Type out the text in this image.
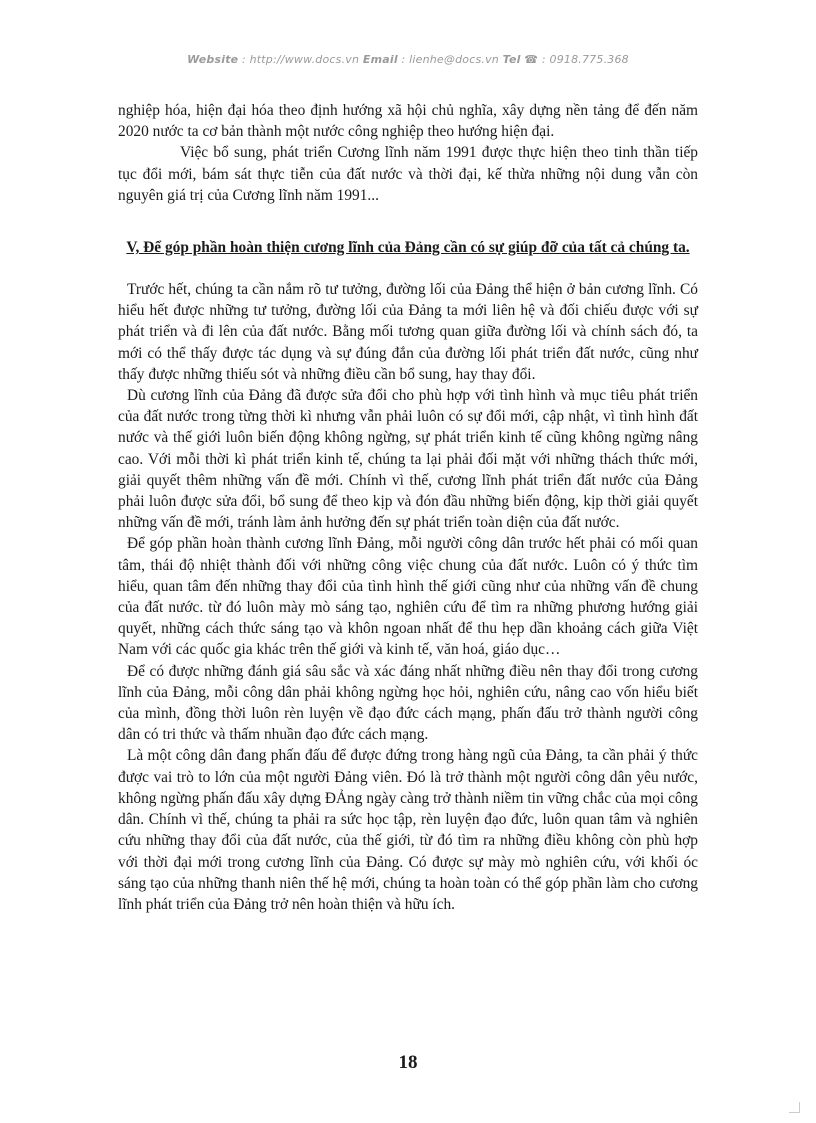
Website : http://www.docs.vn Email : lienhe@docs.vn Tel ☎ : 0918.775.368

nghiệp hóa, hiện đại hóa theo định hướng xã hội chủ nghĩa, xây dựng nền tảng để đến năm 2020 nước ta cơ bản thành một nước công nghiệp theo hướng hiện đại.

Việc bổ sung, phát triển Cương lĩnh năm 1991 được thực hiện theo tinh thần tiếp tục đổi mới, bám sát thực tiễn của đất nước và thời đại, kế thừa những nội dung vẫn còn nguyên giá trị của Cương lĩnh năm 1991...

V, Để góp phần hoàn thiện cương lĩnh của Đảng cần có sự giúp đỡ của tất cả chúng ta.

Trước hết, chúng ta cần nắm rõ tư tưởng, đường lối của Đảng thể hiện ở bản cương lĩnh. Có hiểu hết được những tư tưởng, đường lối của Đảng ta mới liên hệ và đối chiếu được với sự phát triển và đi lên của đất nước. Bằng mối tương quan giữa đường lối và chính sách đó, ta mới có thể thấy được tác dụng và sự đúng đắn của đường lối phát triển đất nước, cũng như thấy được những thiếu sót và những điều cần bổ sung, hay thay đổi.

Dù cương lĩnh của Đảng đã được sửa đổi cho phù hợp với tình hình và mục tiêu phát triển của đất nước trong từng thời kì nhưng vẫn phải luôn có sự đổi mới, cập nhật, vì tình hình đất nước và thế giới luôn biến động không ngừng, sự phát triển kinh tế cũng không ngừng nâng cao. Với mỗi thời kì phát triển kinh tế, chúng ta lại phải đối mặt với những thách thức mới, giải quyết thêm những vấn đề mới. Chính vì thế, cương lĩnh phát triển đất nước của Đảng phải luôn được sửa đổi, bổ sung để theo kịp và đón đầu những biến động, kịp thời giải quyết những vấn đề mới, tránh làm ảnh hưởng đến sự phát triển toàn diện của đất nước.

Để góp phần hoàn thành cương lĩnh Đảng, mỗi người công dân trước hết phải có mối quan tâm, thái độ nhiệt thành đối với những công việc chung của đất nước. Luôn có ý thức tìm hiểu, quan tâm đến những thay đổi của tình hình thế giới cũng như của những vấn đề chung của đất nước. từ đó luôn mày mò sáng tạo, nghiên cứu để tìm ra những phương hướng giải quyết, những cách thức sáng tạo và khôn ngoan nhất để thu hẹp dần khoảng cách giữa Việt Nam với các quốc gia khác trên thế giới và kinh tế, văn hoá, giáo dục…

Để có được những đánh giá sâu sắc và xác đáng nhất những điều nên thay đổi trong cương lĩnh của Đảng, mỗi công dân phải không ngừng học hỏi, nghiên cứu, nâng cao vốn hiểu biết của mình, đồng thời luôn rèn luyện về đạo đức cách mạng, phấn đấu trở thành người công dân có tri thức và thấm nhuần đạo đức cách mạng.

Là một công dân đang phấn đấu để được đứng trong hàng ngũ của Đảng, ta cần phải ý thức được vai trò to lớn của một người Đảng viên. Đó là trở thành một người công dân yêu nước, không ngừng phấn đấu xây dựng ĐẢng ngày càng trở thành niềm tin vững chắc của mọi công dân. Chính vì thế, chúng ta phải ra sức học tập, rèn luyện đạo đức, luôn quan tâm và nghiên cứu những thay đổi của đất nước, của thế giới, từ đó tìm ra những điều không còn phù hợp với thời đại mới trong cương lĩnh của Đảng. Có được sự mày mò nghiên cứu, với khối óc sáng tạo của những thanh niên thế hệ mới, chúng ta hoàn toàn có thể góp phần làm cho cương lĩnh phát triển của Đảng trở nên hoàn thiện và hữu ích.

18
